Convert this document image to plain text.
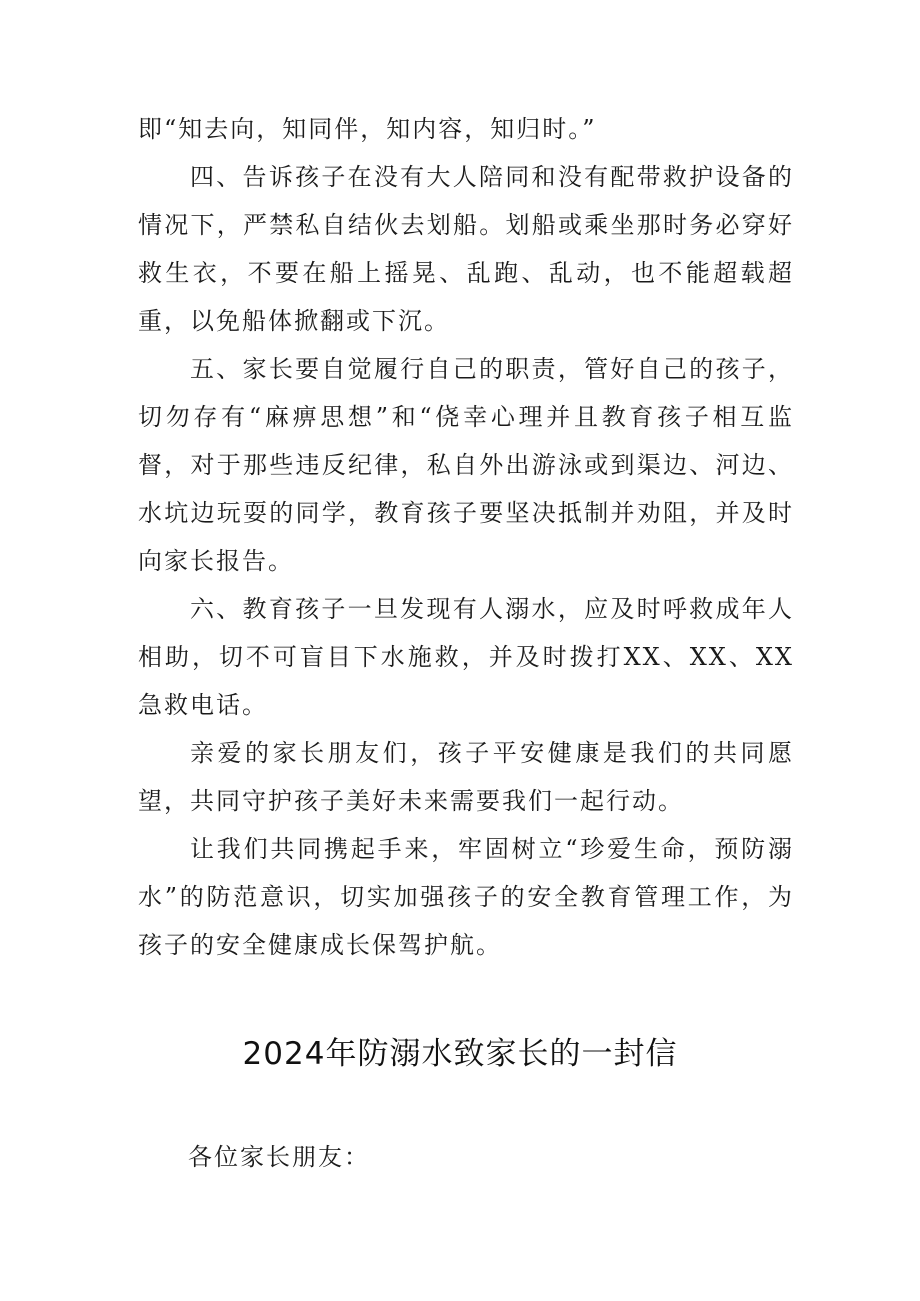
即“知去向，知同伴，知内容，知归时。”

四、告诉孩子在没有大人陪同和没有配带救护设备的情况下，严禁私自结伙去划船。划船或乘坐那时务必穿好救生衣，不要在船上摇晃、乱跑、乱动，也不能超载超重，以免船体掀翻或下沉。

五、家长要自觉履行自己的职责，管好自己的孩子，切勿存有“麻痹思想”和“侥幸心理并且教育孩子相互监督，对于那些违反纪律，私自外出游泳或到渠边、河边、水坑边玩耍的同学，教育孩子要坚决抵制并劝阻，并及时向家长报告。

六、教育孩子一旦发现有人溺水，应及时呼救成年人相助，切不可盲目下水施救，并及时拨打XX、XX、XX急救电话。

亲爱的家长朋友们，孩子平安健康是我们的共同愿望，共同守护孩子美好未来需要我们一起行动。

让我们共同携起手来，牢固树立“珍爱生命，预防溺水”的防范意识，切实加强孩子的安全教育管理工作，为孩子的安全健康成长保驾护航。

2024年防溺水致家长的一封信
各位家长朋友：
